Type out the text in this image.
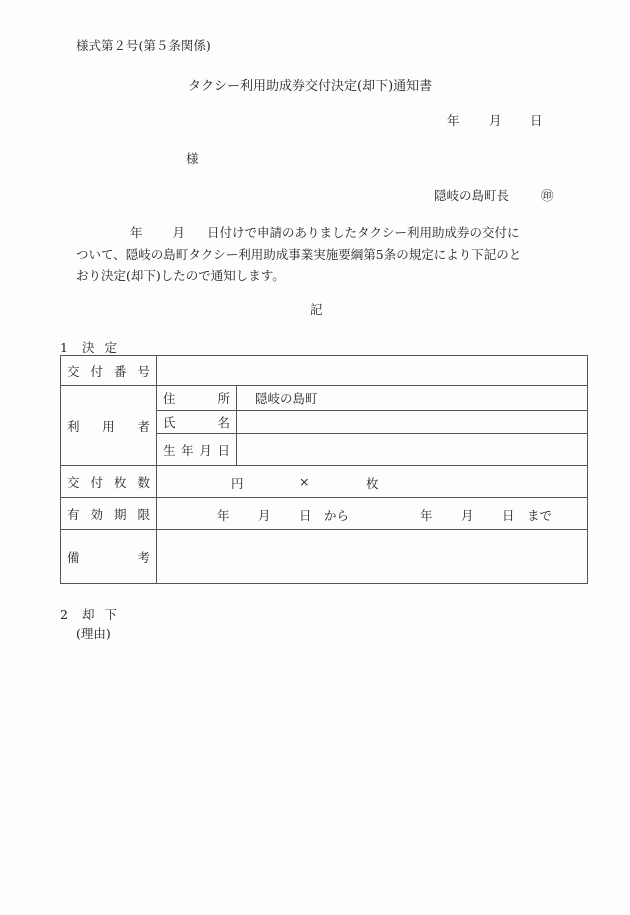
様式第２号(第５条関係)
タクシー利用助成券交付決定(却下)通知書
年 月 日
様
隠岐の島町長	㊞
年 月 日付けで申請のありましたタクシー利用助成券の交付に
ついて、隠岐の島町タクシー利用助成事業実施要綱第5条の規定により下記のと
おり決定(却下)したので通知します。
記
1 決 定
交 付 番 号		

利 用 者	住 所	隠岐の島町

	氏 名	

	生 年 月 日	

交 付 枚 数	円 × 枚	

有 効 期 限	年 月 日 から	年 月 日 まで

備 考		

2 却 下
(理由)
